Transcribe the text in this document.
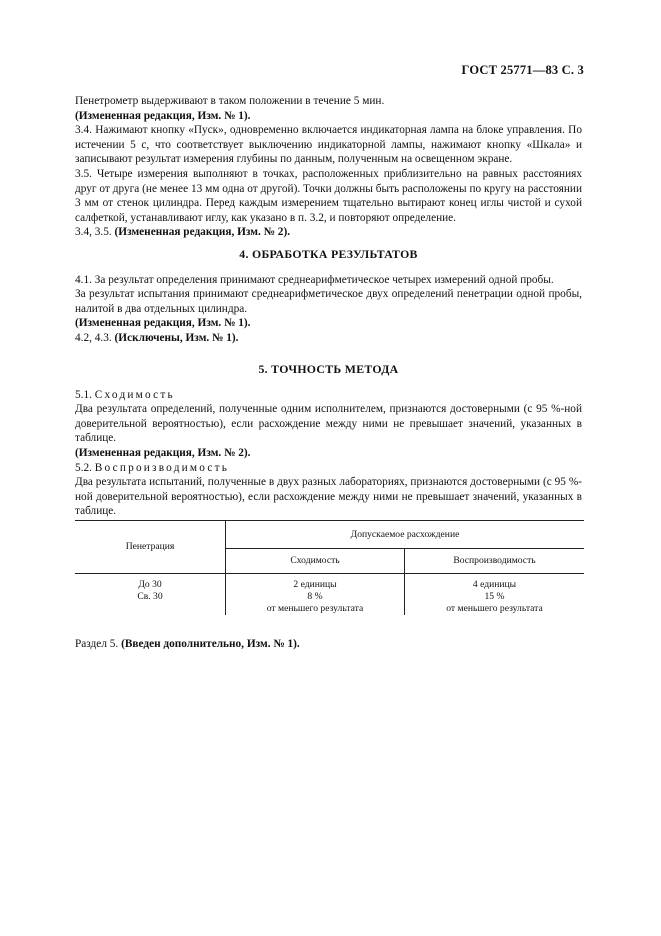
ГОСТ 25771—83 С. 3

Пенетрометр выдерживают в таком положении в течение 5 мин.

(Измененная редакция, Изм. № 1).

3.4. Нажимают кнопку «Пуск», одновременно включается индикаторная лампа на блоке управления. По истечении 5 с, что соответствует выключению индикаторной лампы, нажимают кнопку «Шкала» и записывают результат измерения глубины по данным, полученным на освещенном экране.

3.5. Четыре измерения выполняют в точках, расположенных приблизительно на равных расстояниях друг от друга (не менее 13 мм одна от другой). Точки должны быть расположены по кругу на расстоянии 3 мм от стенок цилиндра. Перед каждым измерением тщательно вытирают конец иглы чистой и сухой салфеткой, устанавливают иглу, как указано в п. 3.2, и повторяют определение.

3.4, 3.5. (Измененная редакция, Изм. № 2).

4. ОБРАБОТКА РЕЗУЛЬТАТОВ

4.1. За результат определения принимают среднеарифметическое четырех измерений одной пробы.

За результат испытания принимают среднеарифметическое двух определений пенетрации одной пробы, налитой в два отдельных цилиндра.

(Измененная редакция, Изм. № 1).

4.2, 4.3. (Исключены, Изм. № 1).

5. ТОЧНОСТЬ МЕТОДА

5.1. Сходимость

Два результата определений, полученные одним исполнителем, признаются достоверными (с 95 %-ной доверительной вероятностью), если расхождение между ними не превышает значений, указанных в таблице.

(Измененная редакция, Изм. № 2).

5.2. Воспроизводимость

Два результата испытаний, полученные в двух разных лабораториях, признаются достоверными (с 95 %-ной доверительной вероятностью), если расхождение между ними не превышает значений, указанных в таблице.

Пенетрация	Допускаемое расхождение	
	Сходимость	Воспроизводимость
До 30	2 единицы	4 единицы
Св. 30	8 %	15 %
	от меньшего результата	от меньшего результата

Раздел 5. (Введен дополнительно, Изм. № 1).
